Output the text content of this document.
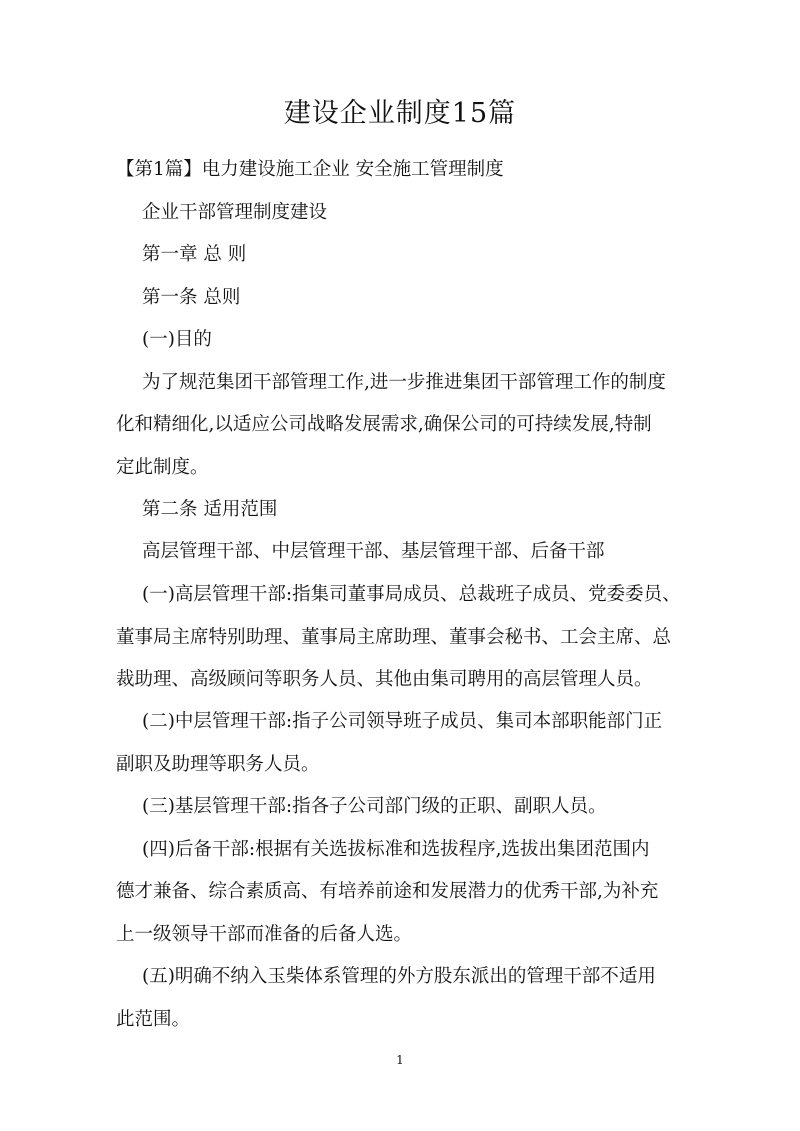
建设企业制度15篇

【第1篇】电力建设施工企业 安全施工管理制度

企业干部管理制度建设

第一章 总 则

第一条 总则

(一)目的

为了规范集团干部管理工作,进一步推进集团干部管理工作的制度

化和精细化,以适应公司战略发展需求,确保公司的可持续发展,特制

定此制度。

第二条 适用范围

高层管理干部、中层管理干部、基层管理干部、后备干部

(一)高层管理干部:指集司董事局成员、总裁班子成员、党委委员、

董事局主席特别助理、董事局主席助理、董事会秘书、工会主席、总

裁助理、高级顾问等职务人员、其他由集司聘用的高层管理人员。

(二)中层管理干部:指子公司领导班子成员、集司本部职能部门正

副职及助理等职务人员。

(三)基层管理干部:指各子公司部门级的正职、副职人员。

(四)后备干部:根据有关选拔标准和选拔程序,选拔出集团范围内

德才兼备、综合素质高、有培养前途和发展潜力的优秀干部,为补充

上一级领导干部而准备的后备人选。

(五)明确不纳入玉柴体系管理的外方股东派出的管理干部不适用

此范围。

1
